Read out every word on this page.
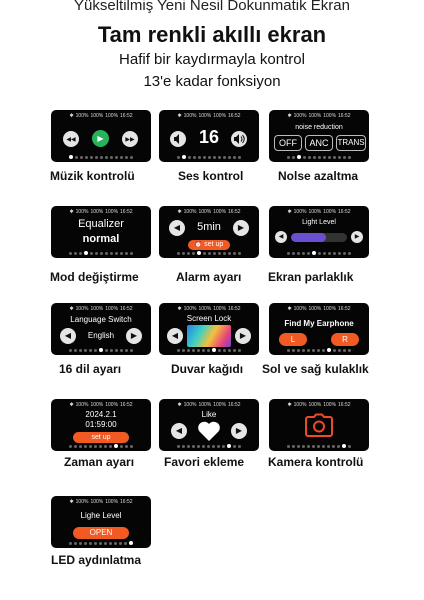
Yükseltilmiş Yeni Nesil Dokunmatik Ekran
Tam renkli akıllı ekran
Hafif bir kaydırmayla kontrol
13'e kadar fonksiyon
✱ 100% 100% 100% 16:52
◀◀	▶	▶▶
Müzik kontrolü
✱ 100% 100% 100% 16:52
16
Ses kontrol
✱ 100% 100% 100% 16:52
noise reduction
OFF	ANC	TRANS
Nolse azaltma
✱ 100% 100% 100% 16:52
Equalizer
normal
Mod değiştirme
✱ 100% 100% 100% 16:52
◀	5min	▶
⏰ set up
Alarm ayarı
✱ 100% 100% 100% 16:52
Light Level
◀	▶
Ekran parlaklık
✱ 100% 100% 100% 16:52
Language Switch
◀	English	▶
16 dil ayarı
✱ 100% 100% 100% 16:52
Screen Lock
◀	▶
Duvar kağıdı
✱ 100% 100% 100% 16:52
Find My Earphone
L	R
Sol ve sağ kulaklık
✱ 100% 100% 100% 16:52
2024.2.1
01:59:00
set up
Zaman ayarı
✱ 100% 100% 100% 16:52
Like
◀	▶
Favori ekleme
✱ 100% 100% 100% 16:52
Kamera kontrolü
✱ 100% 100% 100% 16:52
Lighe Level
OPEN
LED aydınlatma
